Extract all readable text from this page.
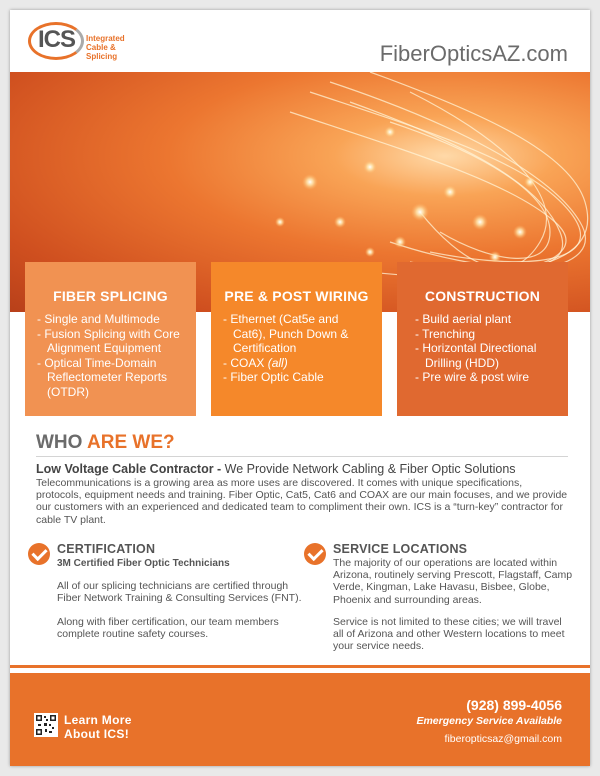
ICS Integrated
Cable & Splicing	FiberOpticsAZ.com
FIBER SPLICING
- Single and Multimode
- Fusion Splicing with Core Alignment Equipment
- Optical Time-Domain Reflectometer Reports (OTDR)
PRE & POST WIRING
- Ethernet (Cat5e and Cat6), Punch Down & Certification
- COAX (all)
- Fiber Optic Cable
CONSTRUCTION
- Build aerial plant
- Trenching
- Horizontal Directional Drilling (HDD)
- Pre wire & post wire
WHO ARE WE?
Low Voltage Cable Contractor - We Provide Network Cabling & Fiber Optic Solutions
Telecommunications is a growing area as more uses are discovered. It comes with unique specifications, protocols, equipment needs and training. Fiber Optic, Cat5, Cat6 and COAX are our main focuses, and we provide our customers with an experienced and dedicated team to compliment their own. ICS is a “turn-key” contractor for cable TV plant.
CERTIFICATION
3M Certified Fiber Optic Technicians
All of our splicing technicians are certified through Fiber Network Training & Consulting Services (FNT).
Along with fiber certification, our team members complete routine safety courses.
SERVICE LOCATIONS
The majority of our operations are located within Arizona, routinely serving Prescott, Flagstaff, Camp Verde, Kingman, Lake Havasu, Bisbee, Globe, Phoenix and surrounding areas.
Service is not limited to these cities; we will travel all of Arizona and other Western locations to meet your service needs.
Learn More
About ICS!
(928) 899-4056
Emergency Service Available
fiberopticsaz@gmail.com
